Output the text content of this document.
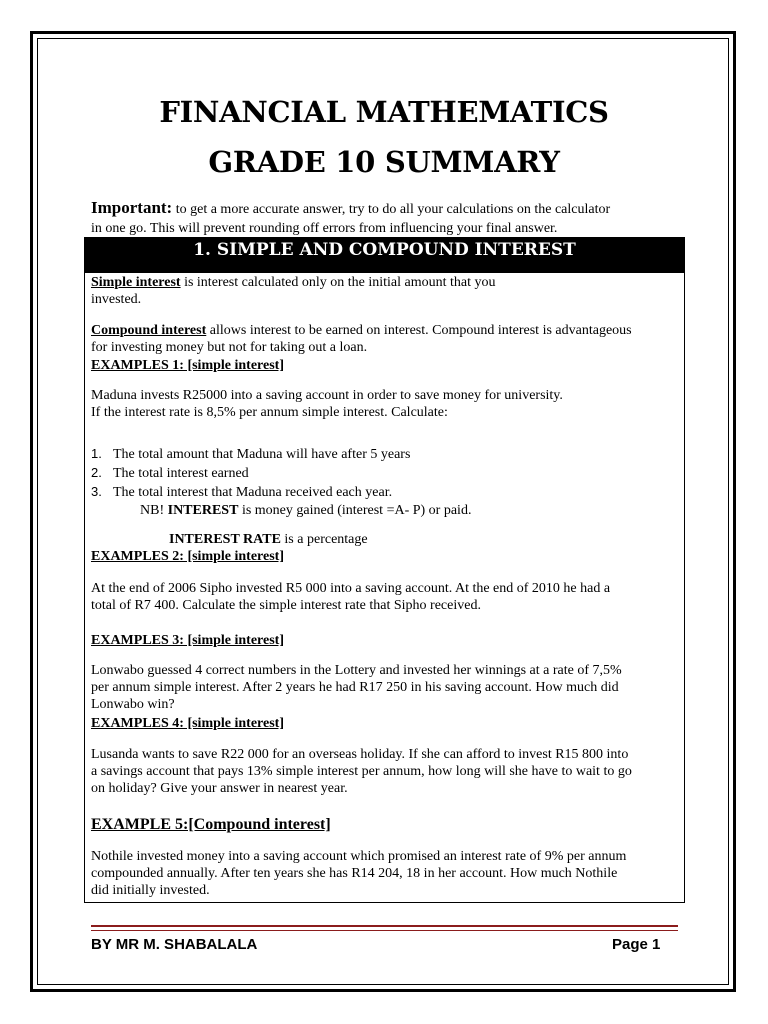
FINANCIAL MATHEMATICS
GRADE 10 SUMMARY
Important: to get a more accurate answer, try to do all your calculations on the calculator
in one go. This will prevent rounding off errors from influencing your final answer.
1. SIMPLE AND COMPOUND INTEREST
Simple interest is interest calculated only on the initial amount that you
invested.
Compound interest allows interest to be earned on interest. Compound interest is advantageous
for investing money but not for taking out a loan.
EXAMPLES 1: [simple interest]
Maduna invests R25000 into a saving account in order to save money for university.
If the interest rate is 8,5% per annum simple interest. Calculate:
1. The total amount that Maduna will have after 5 years
2. The total interest earned
3. The total interest that Maduna received each year.
NB! INTEREST is money gained (interest =A- P) or paid.
INTEREST RATE is a percentage
EXAMPLES 2: [simple interest]
At the end of 2006 Sipho invested R5 000 into a saving account. At the end of 2010 he had a
total of R7 400. Calculate the simple interest rate that Sipho received.
EXAMPLES 3: [simple interest]
Lonwabo guessed 4 correct numbers in the Lottery and invested her winnings at a rate of 7,5%
per annum simple interest. After 2 years he had R17 250 in his saving account. How much did
Lonwabo win?
EXAMPLES 4: [simple interest]
Lusanda wants to save R22 000 for an overseas holiday. If she can afford to invest R15 800 into
a savings account that pays 13% simple interest per annum, how long will she have to wait to go
on holiday? Give your answer in nearest year.
EXAMPLE 5:[Compound interest]
Nothile invested money into a saving account which promised an interest rate of 9% per annum
compounded annually. After ten years she has R14 204, 18 in her account. How much Nothile
did initially invested.
BY MR M. SHABALALA	Page 1
